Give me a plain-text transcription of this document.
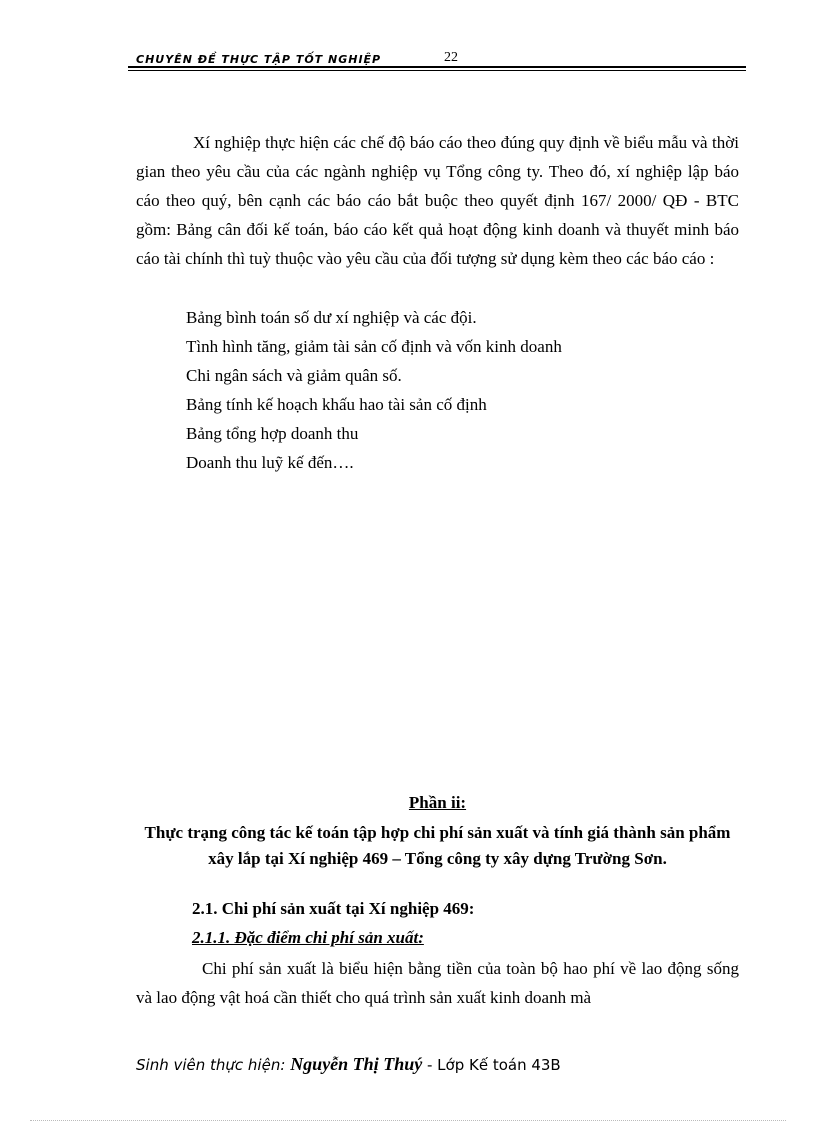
CHUYÊN ĐỀ THỰC TẬP TỐT NGHIỆP	22
Xí nghiệp thực hiện các chế độ báo cáo theo đúng quy định về biểu mẫu và thời gian theo yêu cầu của các ngành nghiệp vụ Tổng công ty. Theo đó, xí nghiệp lập báo cáo theo quý, bên cạnh các báo cáo bắt buộc theo quyết định 167/ 2000/ QĐ - BTC gồm: Bảng cân đối kế toán, báo cáo kết quả hoạt động kinh doanh và thuyết minh báo cáo tài chính thì tuỳ thuộc vào yêu cầu của đối tượng sử dụng kèm theo các báo cáo :
Bảng bình toán số dư xí nghiệp và các đội.
Tình hình tăng, giảm tài sản cố định và vốn kinh doanh
Chi ngân sách và giảm quân số.
Bảng tính kế hoạch khấu hao tài sản cố định
Bảng tổng hợp doanh thu
Doanh thu luỹ kế đến….
Phần ii:
Thực trạng công tác kế toán tập hợp chi phí sản xuất và tính giá thành sản phẩm xây lắp tại Xí nghiệp 469 – Tổng công ty xây dựng Trường Sơn.
2.1. Chi phí sản xuất tại Xí nghiệp 469:
2.1.1. Đặc điểm chi phí sản xuất:
Chi phí sản xuất là biểu hiện bằng tiền của toàn bộ hao phí về lao động sống và lao động vật hoá cần thiết cho quá trình sản xuất kinh doanh mà
Sinh viên thực hiện: Nguyễn Thị Thuý - Lớp Kế toán 43B
